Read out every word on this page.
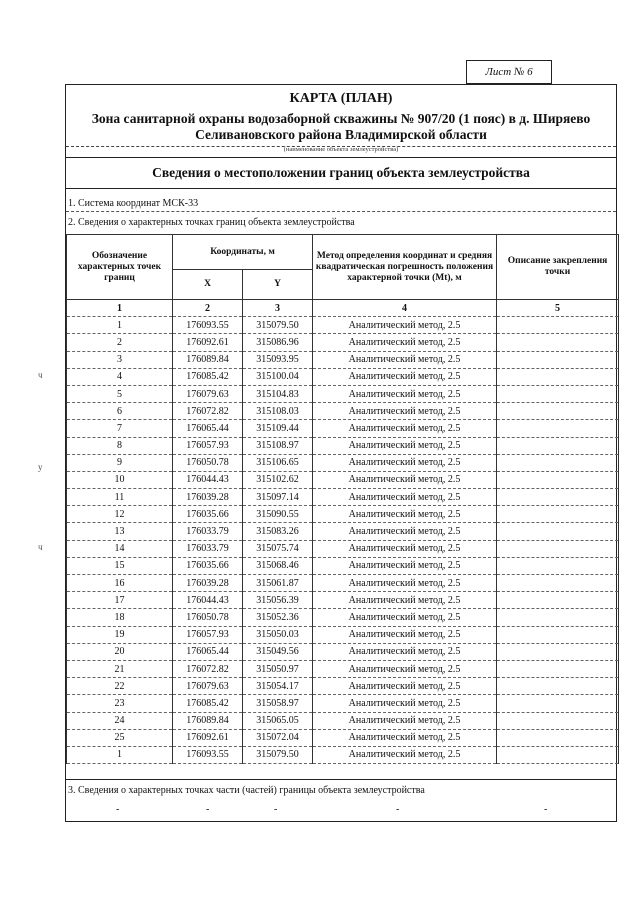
Лист № 6
КАРТА (ПЛАН)
Зона санитарной охраны водозаборной скважины № 907/20 (1 пояс) в д. Ширяево Селивановского района Владимирской области
(наименование объекта землеустройства)
Сведения о местоположении границ объекта землеустройства
1. Система координат МСК-33
2. Сведения о характерных точках границ объекта землеустройства
Обозначение характерных точек границ	Координаты, м		Метод определения координат и средняя квадратическая погрешность положения характерной точки (Mt), м	Описание закрепления точки
	X	Y		
1	2	3	4	5
1	176093.55	315079.50	Аналитический метод, 2.5	
2	176092.61	315086.96	Аналитический метод, 2.5	
3	176089.84	315093.95	Аналитический метод, 2.5	
4	176085.42	315100.04	Аналитический метод, 2.5	
5	176079.63	315104.83	Аналитический метод, 2.5	
6	176072.82	315108.03	Аналитический метод, 2.5	
7	176065.44	315109.44	Аналитический метод, 2.5	
8	176057.93	315108.97	Аналитический метод, 2.5	
9	176050.78	315106.65	Аналитический метод, 2.5	
10	176044.43	315102.62	Аналитический метод, 2.5	
11	176039.28	315097.14	Аналитический метод, 2.5	
12	176035.66	315090.55	Аналитический метод, 2.5	
13	176033.79	315083.26	Аналитический метод, 2.5	
14	176033.79	315075.74	Аналитический метод, 2.5	
15	176035.66	315068.46	Аналитический метод, 2.5	
16	176039.28	315061.87	Аналитический метод, 2.5	
17	176044.43	315056.39	Аналитический метод, 2.5	
18	176050.78	315052.36	Аналитический метод, 2.5	
19	176057.93	315050.03	Аналитический метод, 2.5	
20	176065.44	315049.56	Аналитический метод, 2.5	
21	176072.82	315050.97	Аналитический метод, 2.5	
22	176079.63	315054.17	Аналитический метод, 2.5	
23	176085.42	315058.97	Аналитический метод, 2.5	
24	176089.84	315065.05	Аналитический метод, 2.5	
25	176092.61	315072.04	Аналитический метод, 2.5	
1	176093.55	315079.50	Аналитический метод, 2.5	
3. Сведения о характерных точках части (частей) границы объекта землеустройства
-	-	-	-	-
ч
у
ч
